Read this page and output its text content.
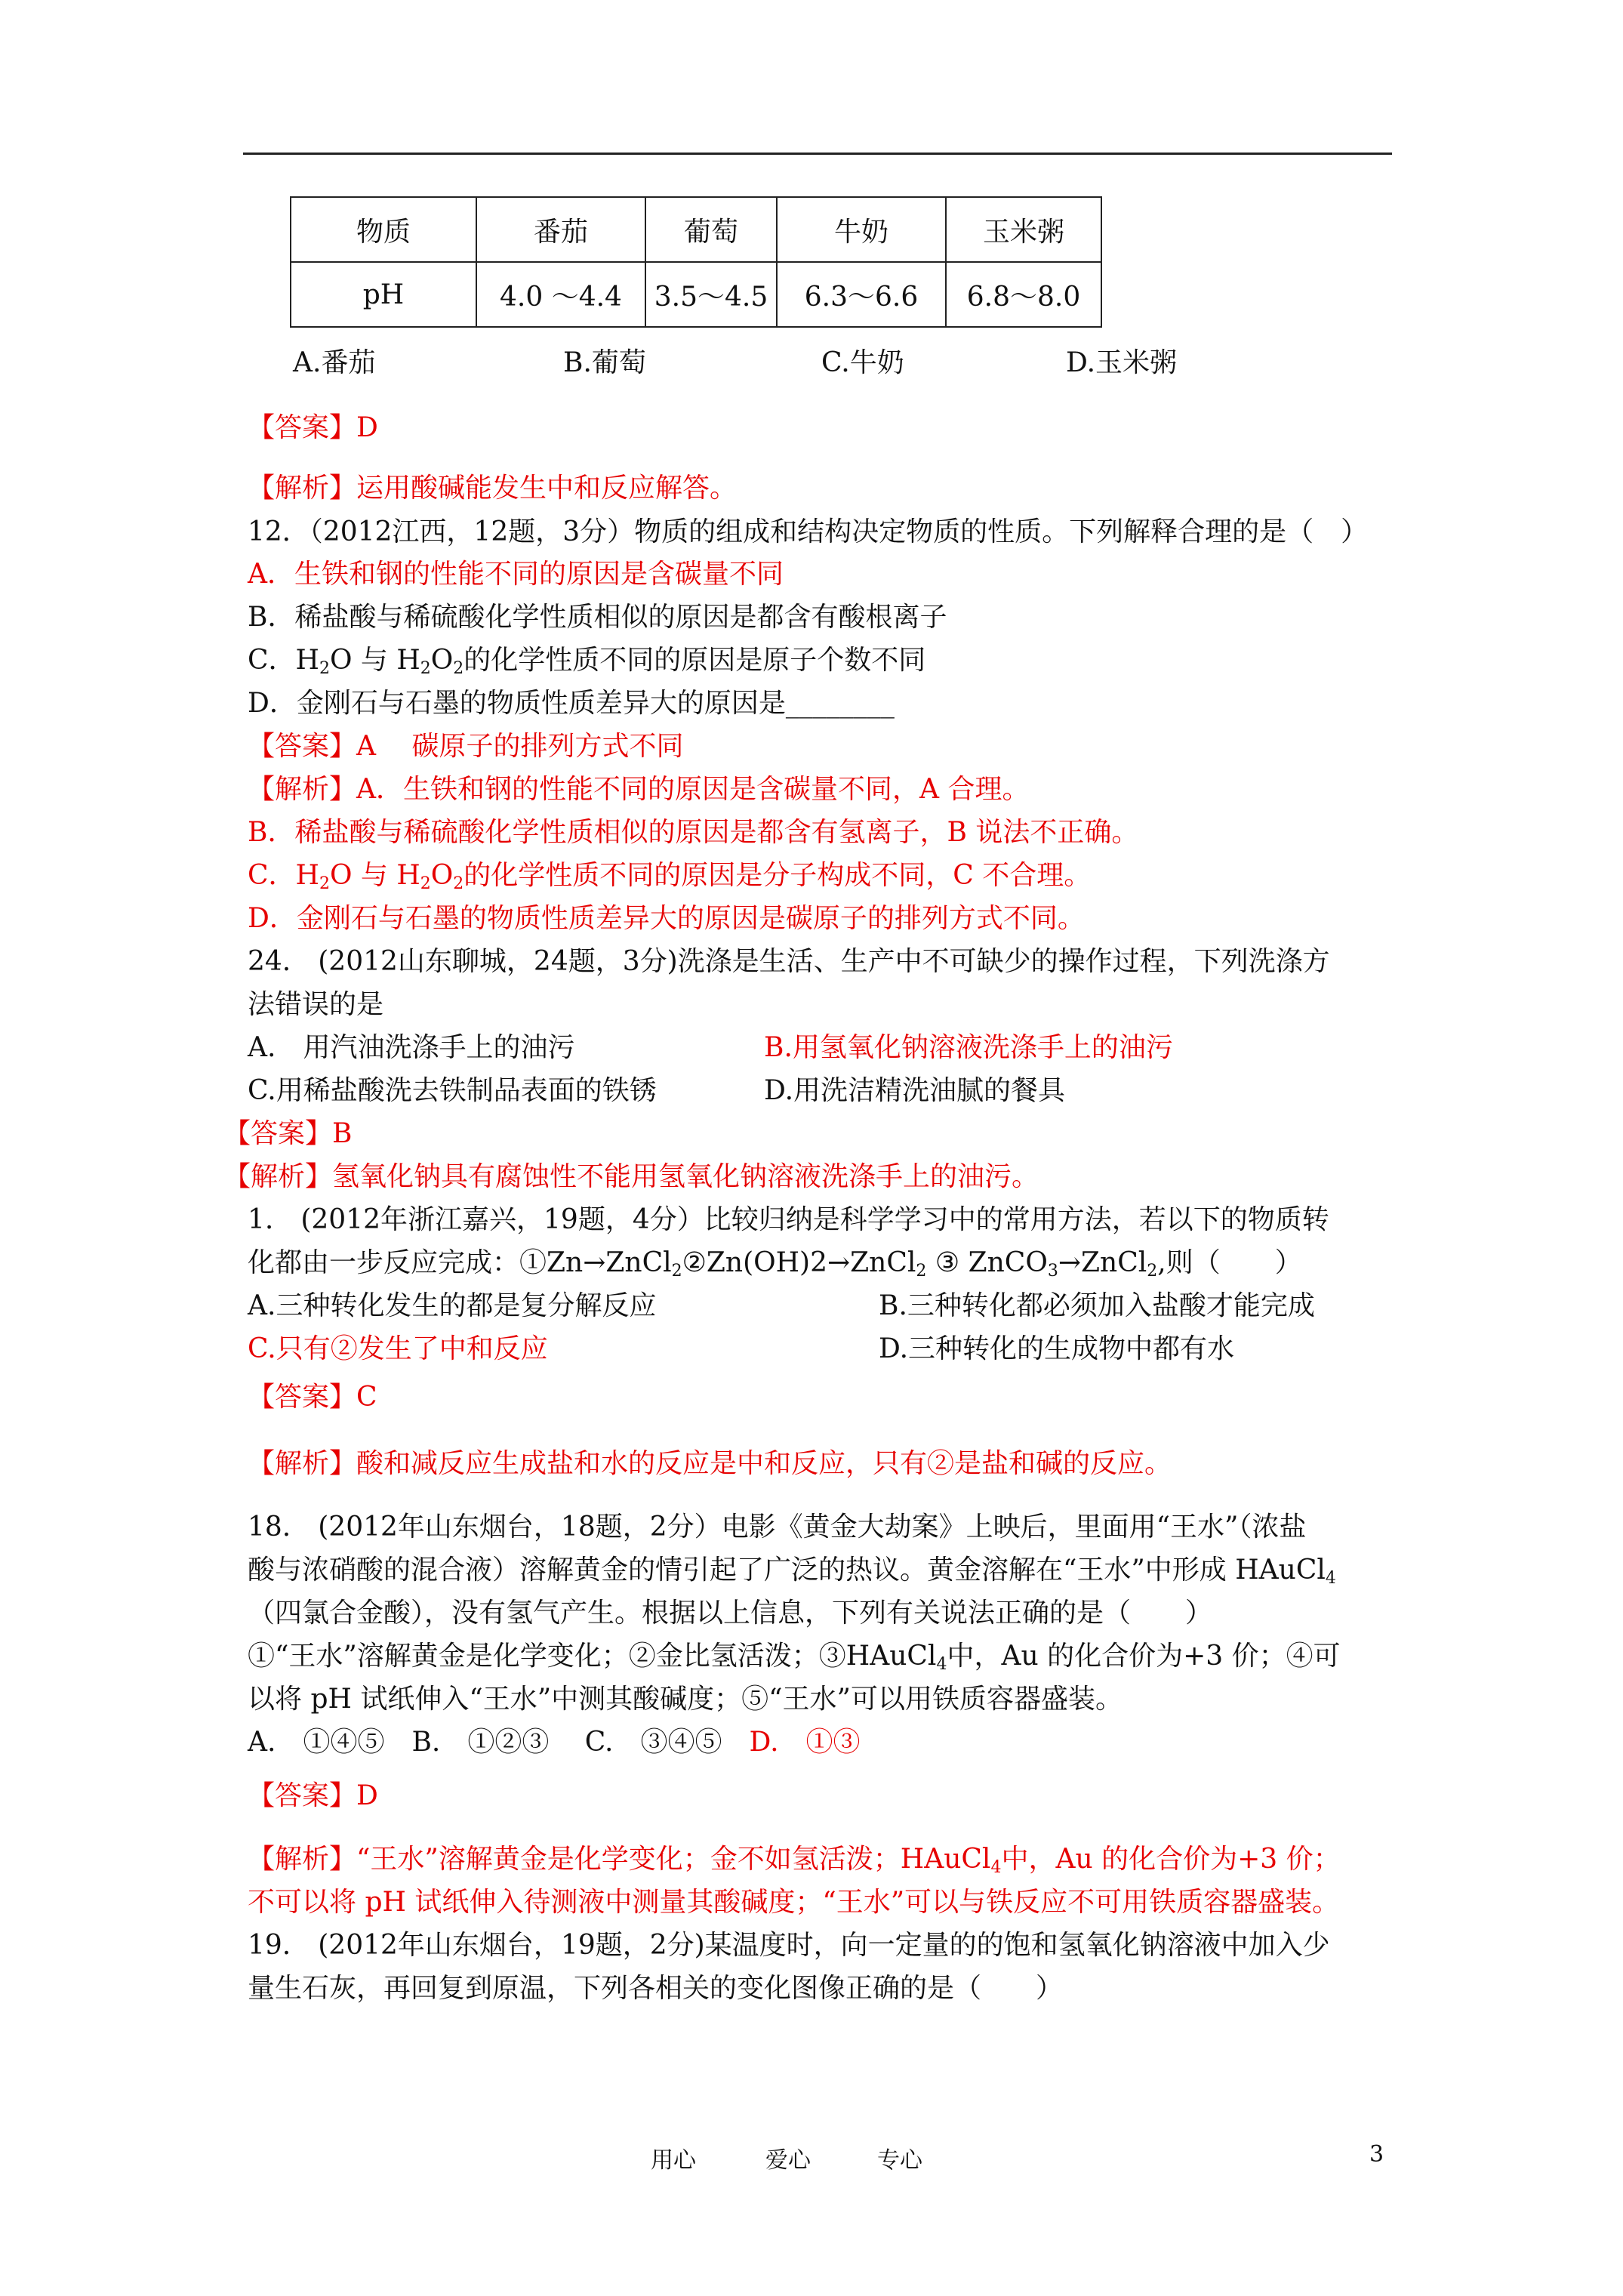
物质	番茄	葡萄	牛奶	玉米粥
pH	4.0 ～4.4	3.5～4.5	6.3～6.6	6.8～8.0
A.番茄	B.葡萄	C.牛奶	D.玉米粥
【答案】D
【解析】运用酸碱能发生中和反应解答。
12．（2012江西，12题，3分）物质的组成和结构决定物质的性质。下列解释合理的是（　）
A．生铁和钢的性能不同的原因是含碳量不同
B．稀盐酸与稀硫酸化学性质相似的原因是都含有酸根离子
C．$H_2O$ 与 $H_2O_2$的化学性质不同的原因是原子个数不同
D．金刚石与石墨的物质性质差异大的原因是________
【答案】A　 碳原子的排列方式不同
【解析】A．生铁和钢的性能不同的原因是含碳量不同，A 合理。
B．稀盐酸与稀硫酸化学性质相似的原因是都含有氢离子，B 说法不正确。
C．$H_2O$ 与 $H_2O_2$的化学性质不同的原因是分子构成不同，C 不合理。
D．金刚石与石墨的物质性质差异大的原因是碳原子的排列方式不同。
24.　(2012山东聊城，24题，3分)洗涤是生活、生产中不可缺少的操作过程，下列洗涤方
法错误的是
A.　用汽油洗涤手上的油污	B.用氢氧化钠溶液洗涤手上的油污
C.用稀盐酸洗去铁制品表面的铁锈	D.用洗洁精洗油腻的餐具
【答案】B
【解析】氢氧化钠具有腐蚀性不能用氢氧化钠溶液洗涤手上的油污。
1.　(2012年浙江嘉兴，19题，4分）比较归纳是科学学习中的常用方法，若以下的物质转
化都由一步反应完成：①Zn→ZnCl$_2$②Zn(OH)2→ZnCl$_2$ ③ ZnCO$_3$→ZnCl$_2$,则（　　）
A.三种转化发生的都是复分解反应	B.三种转化都必须加入盐酸才能完成
C.只有②发生了中和反应	D.三种转化的生成物中都有水
【答案】C
【解析】酸和减反应生成盐和水的反应是中和反应，只有②是盐和碱的反应。
18.　(2012年山东烟台，18题，2分）电影《黄金大劫案》上映后，里面用“王水”（浓盐
酸与浓硝酸的混合液）溶解黄金的情引起了广泛的热议。黄金溶解在“王水”中形成 HAuCl$_4$
（四氯合金酸），没有氢气产生。根据以上信息，下列有关说法正确的是（　　）
①“王水”溶解黄金是化学变化；②金比氢活泼；③HAuCl$_4$中，Au 的化合价为+3 价；④可
以将 pH 试纸伸入“王水”中测其酸碱度；⑤“王水”可以用铁质容器盛装。
A.　①④⑤　B.　①②③　 C.　③④⑤　D.　①③
【答案】D
【解析】“王水”溶解黄金是化学变化；金不如氢活泼；HAuCl$_4$中，Au 的化合价为+3 价；
不可以将 pH 试纸伸入待测液中测量其酸碱度；“王水”可以与铁反应不可用铁质容器盛装。
19.　(2012年山东烟台，19题，2分)某温度时，向一定量的的饱和氢氧化钠溶液中加入少
量生石灰，再回复到原温，下列各相关的变化图像正确的是（　　）
用心	爱心	专心	3
